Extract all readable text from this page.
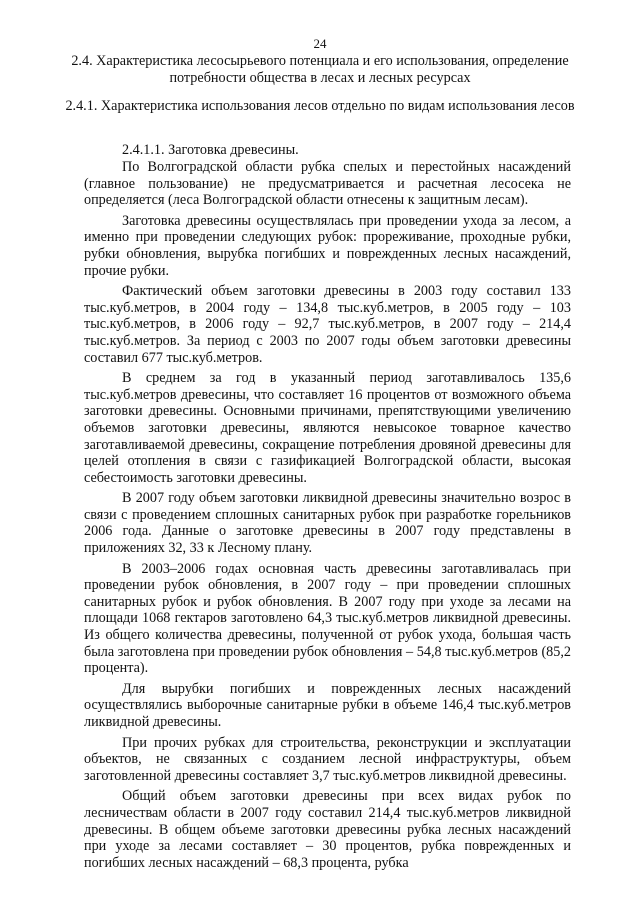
24
2.4. Характеристика лесосырьевого потенциала и его использования, определение потребности общества в лесах и лесных ресурсах
2.4.1. Характеристика использования лесов отдельно по видам использования лесов
2.4.1.1. Заготовка древесины.

По Волгоградской области рубка спелых и перестойных насаждений (главное пользование) не предусматривается и расчетная лесосека не определяется (леса Волгоградской области отнесены к защитным лесам).

Заготовка древесины осуществлялась при проведении ухода за лесом, а именно при проведении следующих рубок: прореживание, проходные рубки, рубки обновления, вырубка погибших и поврежденных лесных насаждений, прочие рубки.

Фактический объем заготовки древесины в 2003 году составил 133 тыс.куб.метров, в 2004 году – 134,8 тыс.куб.метров, в 2005 году – 103 тыс.куб.метров, в 2006 году – 92,7 тыс.куб.метров, в 2007 году – 214,4 тыс.куб.метров. За период с 2003 по 2007 годы объем заготовки древесины составил 677 тыс.куб.метров.

В среднем за год в указанный период заготавливалось 135,6 тыс.куб.метров древесины, что составляет 16 процентов от возможного объема заготовки древесины. Основными причинами, препятствующими увеличению объемов заготовки древесины, являются невысокое товарное качество заготавливаемой древесины, сокращение потребления дровяной древесины для целей отопления в связи с газификацией Волгоградской области, высокая себестоимость заготовки древесины.

В 2007 году объем заготовки ликвидной древесины значительно возрос в связи с проведением сплошных санитарных рубок при разработке горельников 2006 года. Данные о заготовке древесины в 2007 году представлены в приложениях 32, 33 к Лесному плану.

В 2003–2006 годах основная часть древесины заготавливалась при проведении рубок обновления, в 2007 году – при проведении сплошных санитарных рубок и рубок обновления. В 2007 году при уходе за лесами на площади 1068 гектаров заготовлено 64,3 тыс.куб.метров ликвидной древесины. Из общего количества древесины, полученной от рубок ухода, большая часть была заготовлена при проведении рубок обновления – 54,8 тыс.куб.метров (85,2 процента).

Для вырубки погибших и поврежденных лесных насаждений осуществлялись выборочные санитарные рубки в объеме 146,4 тыс.куб.метров ликвидной древесины.

При прочих рубках для строительства, реконструкции и эксплуатации объектов, не связанных с созданием лесной инфраструктуры, объем заготовленной древесины составляет 3,7 тыс.куб.метров ликвидной древесины.

Общий объем заготовки древесины при всех видах рубок по лесничествам области в 2007 году составил 214,4 тыс.куб.метров ликвидной древесины. В общем объеме заготовки древесины рубка лесных насаждений при уходе за лесами составляет – 30 процентов, рубка поврежденных и погибших лесных насаждений – 68,3 процента, рубка
